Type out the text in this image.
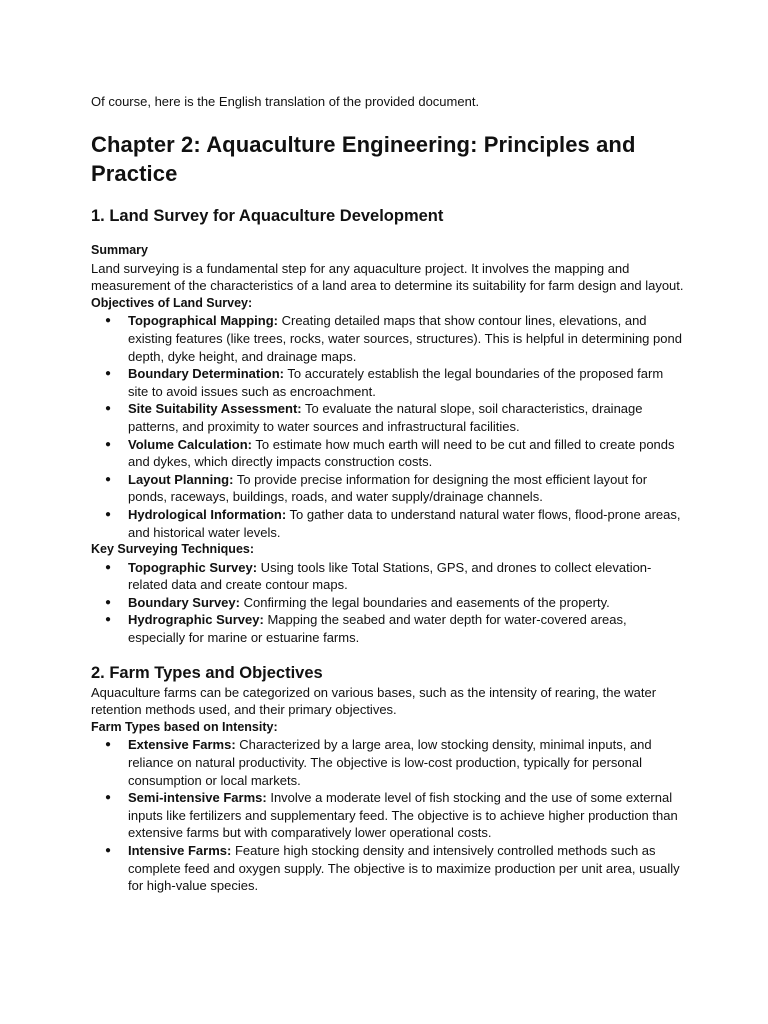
Of course, here is the English translation of the provided document.

Chapter 2: Aquaculture Engineering: Principles and Practice
1. Land Survey for Aquaculture Development
Summary

Land surveying is a fundamental step for any aquaculture project. It involves the mapping and measurement of the characteristics of a land area to determine its suitability for farm design and layout.

Objectives of Land Survey:
● Topographical Mapping: Creating detailed maps that show contour lines, elevations, and existing features (like trees, rocks, water sources, structures). This is helpful in determining pond depth, dyke height, and drainage maps.
● Boundary Determination: To accurately establish the legal boundaries of the proposed farm site to avoid issues such as encroachment.
● Site Suitability Assessment: To evaluate the natural slope, soil characteristics, drainage patterns, and proximity to water sources and infrastructural facilities.
● Volume Calculation: To estimate how much earth will need to be cut and filled to create ponds and dykes, which directly impacts construction costs.
● Layout Planning: To provide precise information for designing the most efficient layout for ponds, raceways, buildings, roads, and water supply/drainage channels.
● Hydrological Information: To gather data to understand natural water flows, flood-prone areas, and historical water levels.
Key Surveying Techniques:
● Topographic Survey: Using tools like Total Stations, GPS, and drones to collect elevation-related data and create contour maps.
● Boundary Survey: Confirming the legal boundaries and easements of the property.
● Hydrographic Survey: Mapping the seabed and water depth for water-covered areas, especially for marine or estuarine farms.
2. Farm Types and Objectives

Aquaculture farms can be categorized on various bases, such as the intensity of rearing, the water retention methods used, and their primary objectives.

Farm Types based on Intensity:
● Extensive Farms: Characterized by a large area, low stocking density, minimal inputs, and reliance on natural productivity. The objective is low-cost production, typically for personal consumption or local markets.
● Semi-intensive Farms: Involve a moderate level of fish stocking and the use of some external inputs like fertilizers and supplementary feed. The objective is to achieve higher production than extensive farms but with comparatively lower operational costs.
● Intensive Farms: Feature high stocking density and intensively controlled methods such as complete feed and oxygen supply. The objective is to maximize production per unit area, usually for high-value species.
